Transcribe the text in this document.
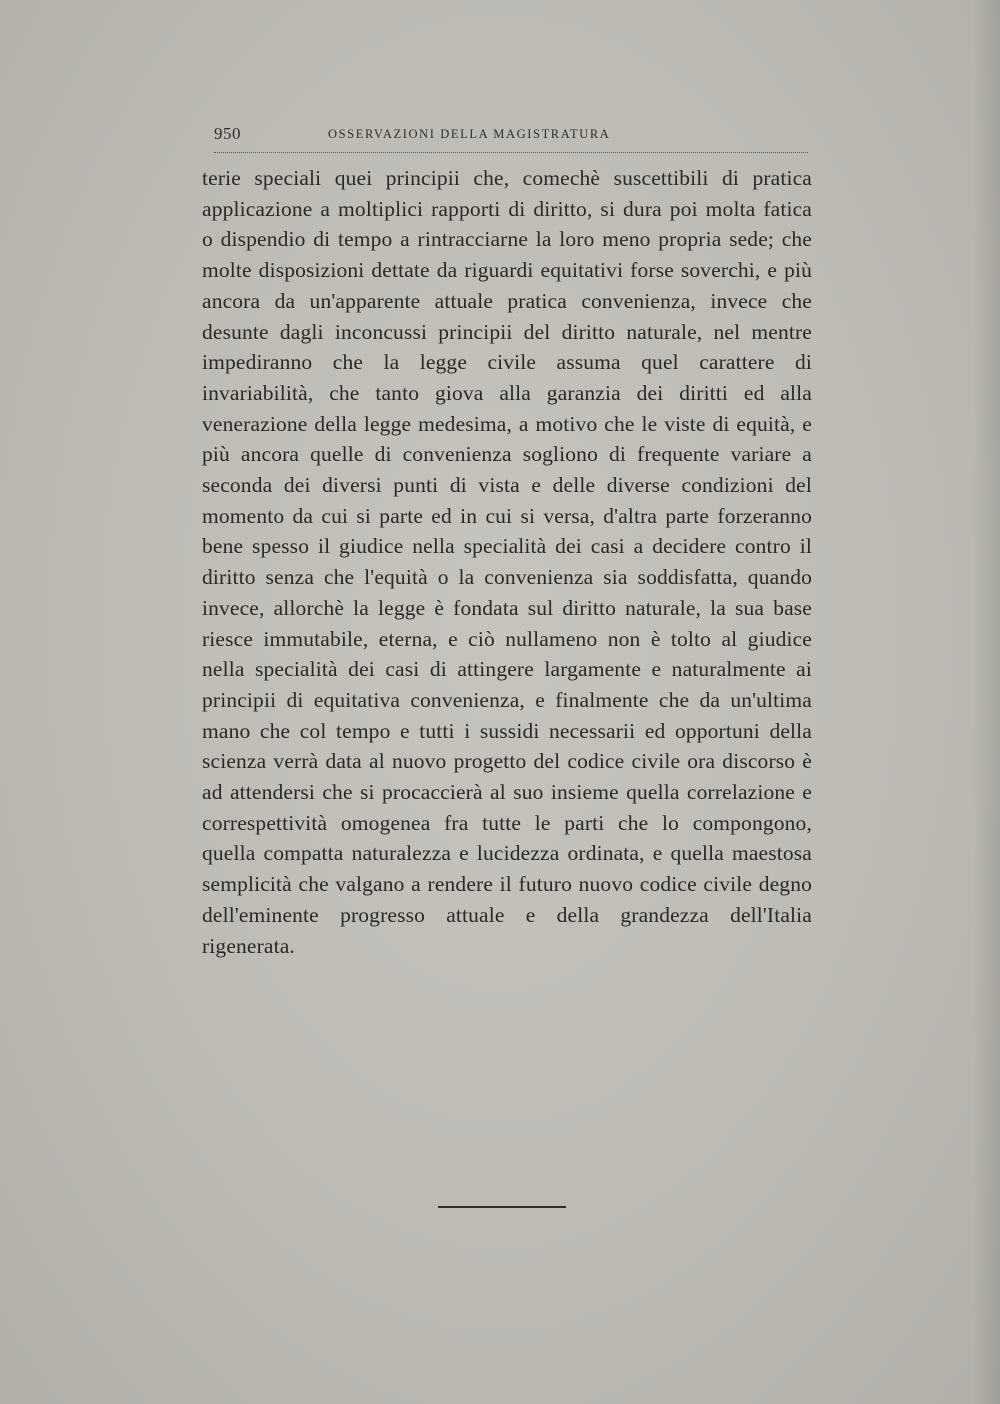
950	OSSERVAZIONI DELLA MAGISTRATURA

terie speciali quei principii che, comechè suscettibili di pratica applicazione a moltiplici rapporti di diritto, si dura poi molta fatica o dispendio di tempo a rintracciarne la loro meno propria sede; che molte disposizioni dettate da riguardi equitativi forse soverchi, e più ancora da un'apparente attuale pratica convenienza, invece che desunte dagli inconcussi principii del diritto naturale, nel mentre impediranno che la legge civile assuma quel carattere di invariabilità, che tanto giova alla garanzia dei diritti ed alla venerazione della legge medesima, a motivo che le viste di equità, e più ancora quelle di convenienza sogliono di frequente variare a seconda dei diversi punti di vista e delle diverse condizioni del momento da cui si parte ed in cui si versa, d'altra parte forzeranno bene spesso il giudice nella specialità dei casi a decidere contro il diritto senza che l'equità o la convenienza sia soddisfatta, quando invece, allorchè la legge è fondata sul diritto naturale, la sua base riesce immutabile, eterna, e ciò nullameno non è tolto al giudice nella specialità dei casi di attingere largamente e naturalmente ai principii di equitativa convenienza, e finalmente che da un'ultima mano che col tempo e tutti i sussidi necessarii ed opportuni della scienza verrà data al nuovo progetto del codice civile ora discorso è ad attendersi che si procaccierà al suo insieme quella correlazione e correspettività omogenea fra tutte le parti che lo compongono, quella compatta naturalezza e lucidezza ordinata, e quella maestosa semplicità che valgano a rendere il futuro nuovo codice civile degno dell'eminente progresso attuale e della grandezza dell'Italia rigenerata.
